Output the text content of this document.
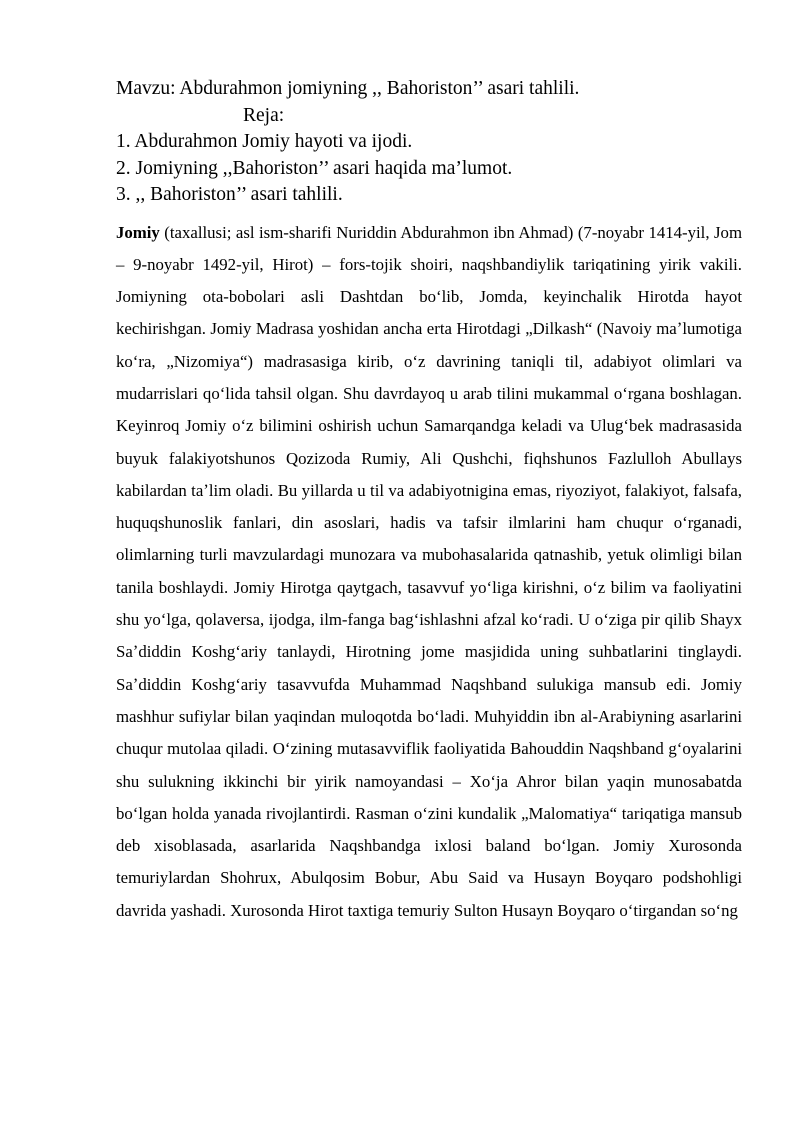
Mavzu: Abdurahmon jomiyning ,, Bahoriston’’ asari tahlili.
Reja:
1. Abdurahmon Jomiy hayoti va ijodi.
2. Jomiyning ,,Bahoriston’’ asari haqida ma’lumot.
3. ,, Bahoriston’’ asari tahlili.

Jomiy (taxallusi; asl ism-sharifi Nuriddin Abdurahmon ibn Ahmad) (7-noyabr 1414-yil, Jom – 9-noyabr 1492-yil, Hirot) – fors-tojik shoiri, naqshbandiylik tariqatining yirik vakili. Jomiyning ota-bobolari asli Dashtdan boʻlib, Jomda, keyinchalik Hirotda hayot kechirishgan. Jomiy Madrasa yoshidan ancha erta Hirotdagi „Dilkash“ (Navoiy maʼlumotiga koʻra, „Nizomiya“) madrasasiga kirib, oʻz davrining taniqli til, adabiyot olimlari va mudarrislari qoʻlida tahsil olgan. Shu davrdayoq u arab tilini mukammal oʻrgana boshlagan. Keyinroq Jomiy oʻz bilimini oshirish uchun Samarqandga keladi va Ulugʻbek madrasasida buyuk falakiyotshunos Qozizoda Rumiy, Ali Qushchi, fiqhshunos Fazlulloh Abullays kabilardan taʼlim oladi. Bu yillarda u til va adabiyotnigina emas, riyoziyot, falakiyot, falsafa, huquqshunoslik fanlari, din asoslari, hadis va tafsir ilmlarini ham chuqur oʻrganadi, olimlarning turli mavzulardagi munozara va mubohasalarida qatnashib, yetuk olimligi bilan tanila boshlaydi. Jomiy Hirotga qaytgach, tasavvuf yoʻliga kirishni, oʻz bilim va faoliyatini shu yoʻlga, qolaversa, ijodga, ilm-fanga bagʻishlashni afzal koʻradi. U oʻziga pir qilib Shayx Saʼdiddin Koshgʻariy tanlaydi, Hirotning jome masjidida uning suhbatlarini tinglaydi. Saʼdiddin Koshgʻariy tasavvufda Muhammad Naqshband sulukiga mansub edi. Jomiy mashhur sufiylar bilan yaqindan muloqotda boʻladi. Muhyiddin ibn al-Arabiyning asarlarini chuqur mutolaa qiladi. Oʻzining mutasavviflik faoliyatida Bahouddin Naqshband gʻoyalarini shu sulukning ikkinchi bir yirik namoyandasi – Xoʻja Ahror bilan yaqin munosabatda boʻlgan holda yanada rivojlantirdi. Rasman oʻzini kundalik „Malomatiya“ tariqatiga mansub deb xisoblasada, asarlarida Naqshbandga ixlosi baland boʻlgan. Jomiy Xurosonda temuriylardan Shohrux, Abulqosim Bobur, Abu Said va Husayn Boyqaro podshohligi davrida yashadi. Xurosonda Hirot taxtiga temuriy Sulton Husayn Boyqaro oʻtirgandan soʻng
